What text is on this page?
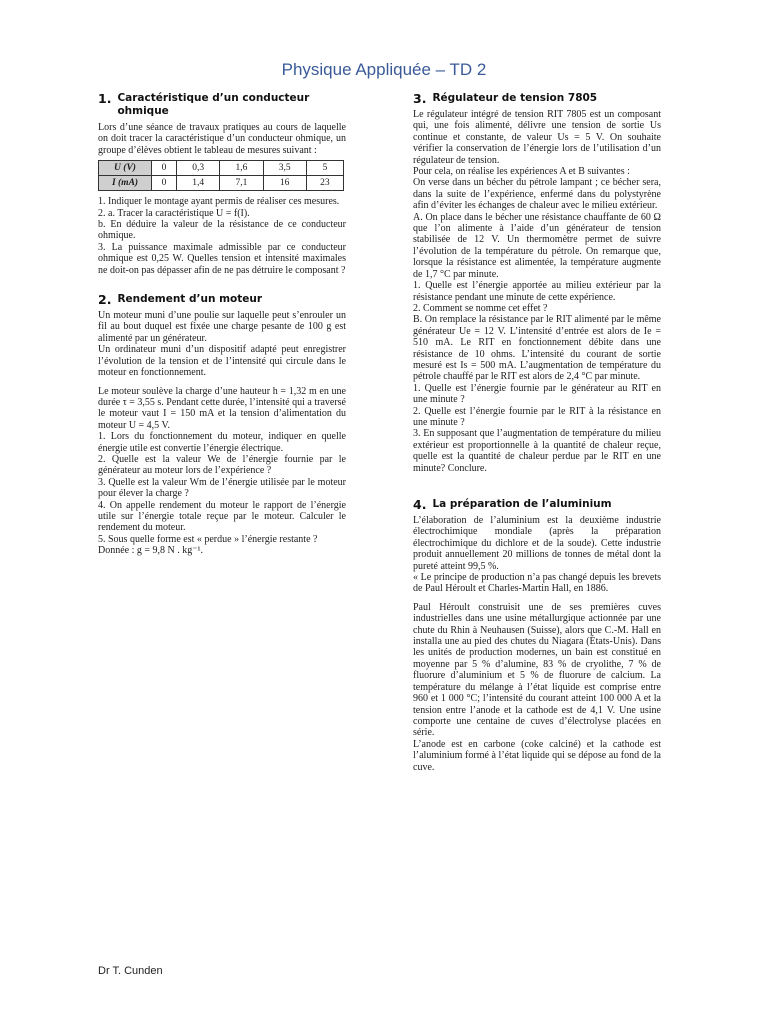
Physique Appliquée – TD 2
1. Caractéristique d’un conducteur ohmique

Lors d’une séance de travaux pratiques au cours de laquelle on doit tracer la caractéristique d’un conducteur ohmique, un groupe d’élèves obtient le tableau de mesures suivant :

U (V)	0	0,3	1,6	3,5	5
I (mA)	0	1,4	7,1	16	23

1. Indiquer le montage ayant permis de réaliser ces mesures.

2. a. Tracer la caractéristique U = f(I).

b. En déduire la valeur de la résistance de ce conducteur ohmique.

3. La puissance maximale admissible par ce conducteur ohmique est 0,25 W. Quelles tension et intensité maximales ne doit-on pas dépasser afin de ne pas détruire le composant ?

2. Rendement d’un moteur

Un moteur muni d’une poulie sur laquelle peut s’enrouler un fil au bout duquel est fixée une charge pesante de 100 g est alimenté par un générateur.

Un ordinateur muni d’un dispositif adapté peut enregistrer l’évolution de la tension et de l’intensité qui circule dans le moteur en fonctionnement.

Le moteur soulève la charge d’une hauteur h = 1,32 m en une durée τ = 3,55 s. Pendant cette durée, l’intensité qui a traversé le moteur vaut I = 150 mA et la tension d’alimentation du moteur U = 4,5 V.

1. Lors du fonctionnement du moteur, indiquer en quelle énergie utile est convertie l’énergie électrique.

2. Quelle est la valeur We de l’énergie fournie par le générateur au moteur lors de l’expérience ?

3. Quelle est la valeur Wm de l’énergie utilisée par le moteur pour élever la charge ?

4. On appelle rendement du moteur le rapport de l’énergie utile sur l’énergie totale reçue par le moteur. Calculer le rendement du moteur.

5. Sous quelle forme est « perdue » l’énergie restante ?

Donnée : g = 9,8 N . kg⁻¹.

3. Régulateur de tension 7805

Le régulateur intégré de tension RIT 7805 est un composant qui, une fois alimenté, délivre une tension de sortie Us continue et constante, de valeur Us = 5 V. On souhaite vérifier la conservation de l’énergie lors de l’utilisation d’un régulateur de tension.

Pour cela, on réalise les expériences A et B suivantes :

On verse dans un bécher du pétrole lampant ; ce bécher sera, dans la suite de l’expérience, enfermé dans du polystyrène afin d’éviter les échanges de chaleur avec le milieu extérieur.

A. On place dans le bécher une résistance chauffante de 60 Ω que l’on alimente à l’aide d’un générateur de tension stabilisée de 12 V. Un thermomètre permet de suivre l’évolution de la température du pétrole. On remarque que, lorsque la résistance est alimentée, la température augmente de 1,7 °C par minute.

1. Quelle est l’énergie apportée au milieu extérieur par la résistance pendant une minute de cette expérience.

2. Comment se nomme cet effet ?

B. On remplace la résistance par le RIT alimenté par le même générateur Ue = 12 V. L’intensité d’entrée est alors de Ie = 510 mA. Le RIT en fonctionnement débite dans une résistance de 10 ohms. L’intensité du courant de sortie mesuré est Is = 500 mA. L’augmentation de température du pétrole chauffé par le RIT est alors de 2,4 °C par minute.

1. Quelle est l’énergie fournie par le générateur au RIT en une minute ?

2. Quelle est l’énergie fournie par le RIT à la résistance en une minute ?

3. En supposant que l’augmentation de température du milieu extérieur est proportionnelle à la quantité de chaleur reçue, quelle est la quantité de chaleur perdue par le RIT en une minute? Conclure.

4. La préparation de l’aluminium

L’élaboration de l’aluminium est la deuxième industrie électrochimique mondiale (après la préparation électrochimique du dichlore et de la soude). Cette industrie produit annuellement 20 millions de tonnes de métal dont la pureté atteint 99,5 %.

« Le principe de production n’a pas changé depuis les brevets de Paul Héroult et Charles-Martin Hall, en 1886.

Paul Héroult construisit une de ses premières cuves industrielles dans une usine métallurgique actionnée par une chute du Rhin à Neuhausen (Suisse), alors que C.-M. Hall en installa une au pied des chutes du Niagara (États-Unis). Dans les unités de production modernes, un bain est constitué en moyenne par 5 % d’alumine, 83 % de cryolithe, 7 % de fluorure d’aluminium et 5 % de fluorure de calcium. La température du mélange à l’état liquide est comprise entre 960 et 1 000 °C; l’intensité du courant atteint 100 000 A et la tension entre l’anode et la cathode est de 4,1 V. Une usine comporte une centaine de cuves d’électrolyse placées en série.

L’anode est en carbone (coke calciné) et la cathode est l’aluminium formé à l’état liquide qui se dépose au fond de la cuve.

Dr T. Cunden
